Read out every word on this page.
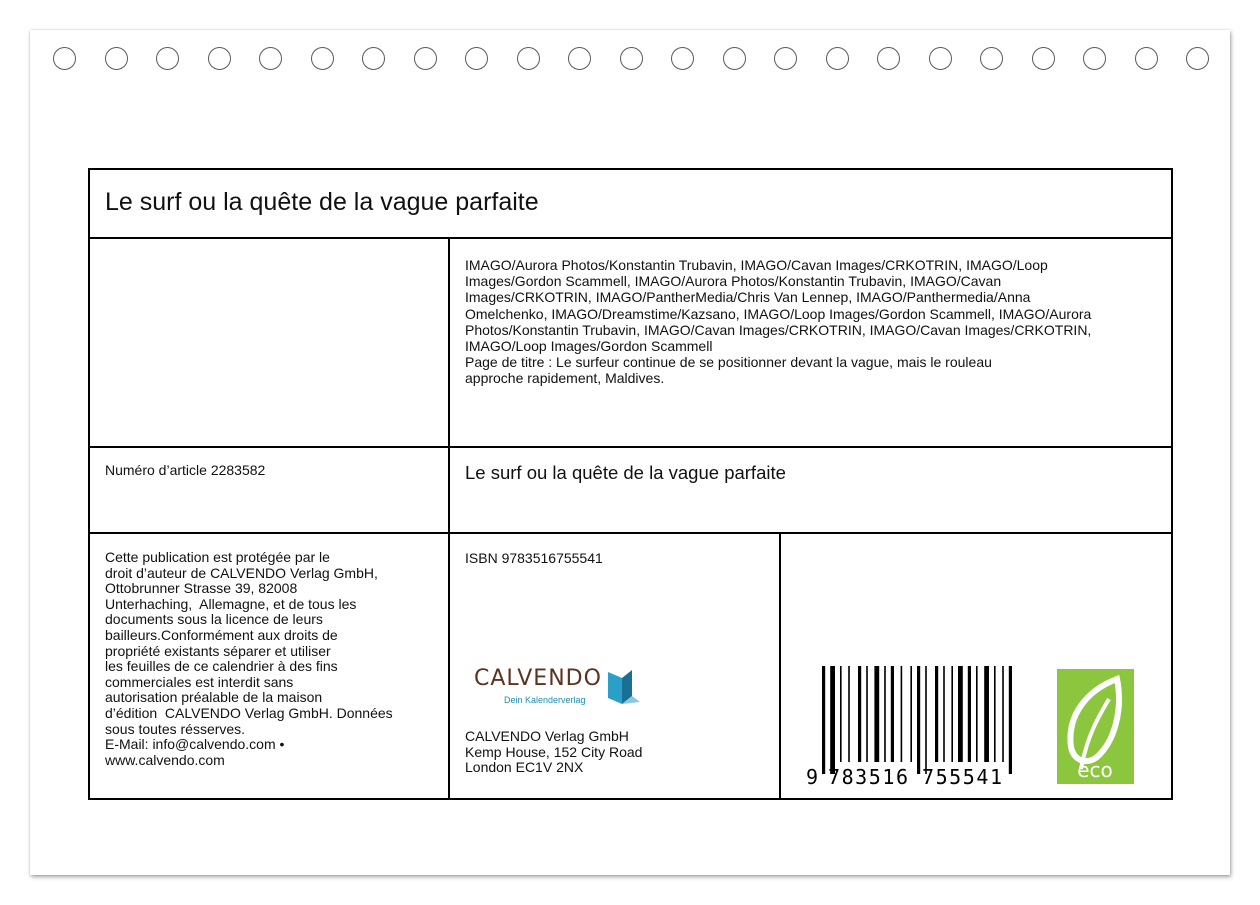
Le surf ou la quête de la vague parfaite
IMAGO/Aurora Photos/Konstantin Trubavin, IMAGO/Cavan Images/CRKOTRIN, IMAGO/Loop
Images/Gordon Scammell, IMAGO/Aurora Photos/Konstantin Trubavin, IMAGO/Cavan
Images/CRKOTRIN, IMAGO/PantherMedia/Chris Van Lennep, IMAGO/Panthermedia/Anna
Omelchenko, IMAGO/Dreamstime/Kazsano, IMAGO/Loop Images/Gordon Scammell, IMAGO/Aurora
Photos/Konstantin Trubavin, IMAGO/Cavan Images/CRKOTRIN, IMAGO/Cavan Images/CRKOTRIN,
IMAGO/Loop Images/Gordon Scammell
Page de titre : Le surfeur continue de se positionner devant la vague, mais le rouleau
approche rapidement, Maldives.
Numéro d’article 2283582	Le surf ou la quête de la vague parfaite
Cette publication est protégée par le
droit d’auteur de CALVENDO Verlag GmbH,
Ottobrunner Strasse 39, 82008
Unterhaching,  Allemagne, et de tous les
documents sous la licence de leurs
bailleurs.Conformément aux droits de
propriété existants séparer et utiliser
les feuilles de ce calendrier à des fins
commerciales est interdit sans
autorisation préalable de la maison
d’édition  CALVENDO Verlag GmbH. Données
sous toutes résserves.
E-Mail: info@calvendo.com •
www.calvendo.com
ISBN 9783516755541
CALVENDO
Dein Kalenderverlag
CALVENDO Verlag GmbH
Kemp House, 152 City Road
London EC1V 2NX	9 783516 755541	eco
